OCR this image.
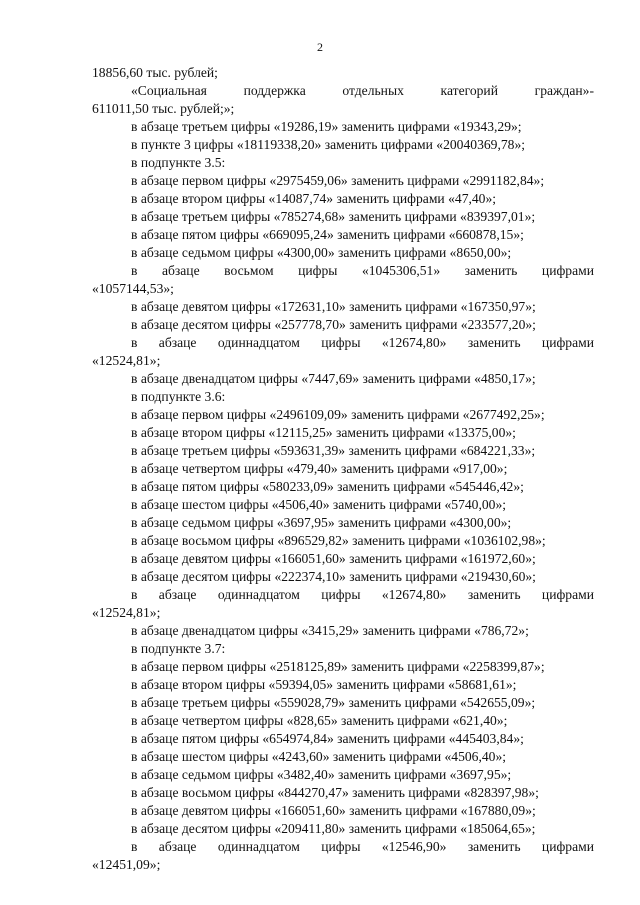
2
18856,60 тыс. рублей;
«Социальная	поддержка	отдельных	категорий	граждан»-
611011,50 тыс. рублей;»;
в абзаце третьем цифры «19286,19» заменить цифрами «19343,29»;
в пункте 3 цифры «18119338,20» заменить цифрами «20040369,78»;
в подпункте 3.5:
в абзаце первом цифры «2975459,06» заменить цифрами «2991182,84»;
в абзаце втором цифры «14087,74» заменить цифрами «47,40»;
в абзаце третьем цифры «785274,68» заменить цифрами «839397,01»;
в абзаце пятом цифры «669095,24» заменить цифрами «660878,15»;
в абзаце седьмом цифры «4300,00» заменить цифрами «8650,00»;
в абзаце восьмом цифры «1045306,51» заменить цифрами
«1057144,53»;
в абзаце девятом цифры «172631,10» заменить цифрами «167350,97»;
в абзаце десятом цифры «257778,70» заменить цифрами «233577,20»;
в абзаце одиннадцатом цифры «12674,80» заменить цифрами
«12524,81»;
в абзаце двенадцатом цифры «7447,69» заменить цифрами «4850,17»;
в подпункте 3.6:
в абзаце первом цифры «2496109,09» заменить цифрами «2677492,25»;
в абзаце втором цифры «12115,25» заменить цифрами «13375,00»;
в абзаце третьем цифры «593631,39» заменить цифрами «684221,33»;
в абзаце четвертом цифры «479,40» заменить цифрами «917,00»;
в абзаце пятом цифры «580233,09» заменить цифрами «545446,42»;
в абзаце шестом цифры «4506,40» заменить цифрами «5740,00»;
в абзаце седьмом цифры «3697,95» заменить цифрами «4300,00»;
в абзаце восьмом цифры «896529,82» заменить цифрами «1036102,98»;
в абзаце девятом цифры «166051,60» заменить цифрами «161972,60»;
в абзаце десятом цифры «222374,10» заменить цифрами «219430,60»;
в абзаце одиннадцатом цифры «12674,80» заменить цифрами
«12524,81»;
в абзаце двенадцатом цифры «3415,29» заменить цифрами «786,72»;
в подпункте 3.7:
в абзаце первом цифры «2518125,89» заменить цифрами «2258399,87»;
в абзаце втором цифры «59394,05» заменить цифрами «58681,61»;
в абзаце третьем цифры «559028,79» заменить цифрами «542655,09»;
в абзаце четвертом цифры «828,65» заменить цифрами «621,40»;
в абзаце пятом цифры «654974,84» заменить цифрами «445403,84»;
в абзаце шестом цифры «4243,60» заменить цифрами «4506,40»;
в абзаце седьмом цифры «3482,40» заменить цифрами «3697,95»;
в абзаце восьмом цифры «844270,47» заменить цифрами «828397,98»;
в абзаце девятом цифры «166051,60» заменить цифрами «167880,09»;
в абзаце десятом цифры «209411,80» заменить цифрами «185064,65»;
в абзаце одиннадцатом цифры «12546,90» заменить цифрами
«12451,09»;
